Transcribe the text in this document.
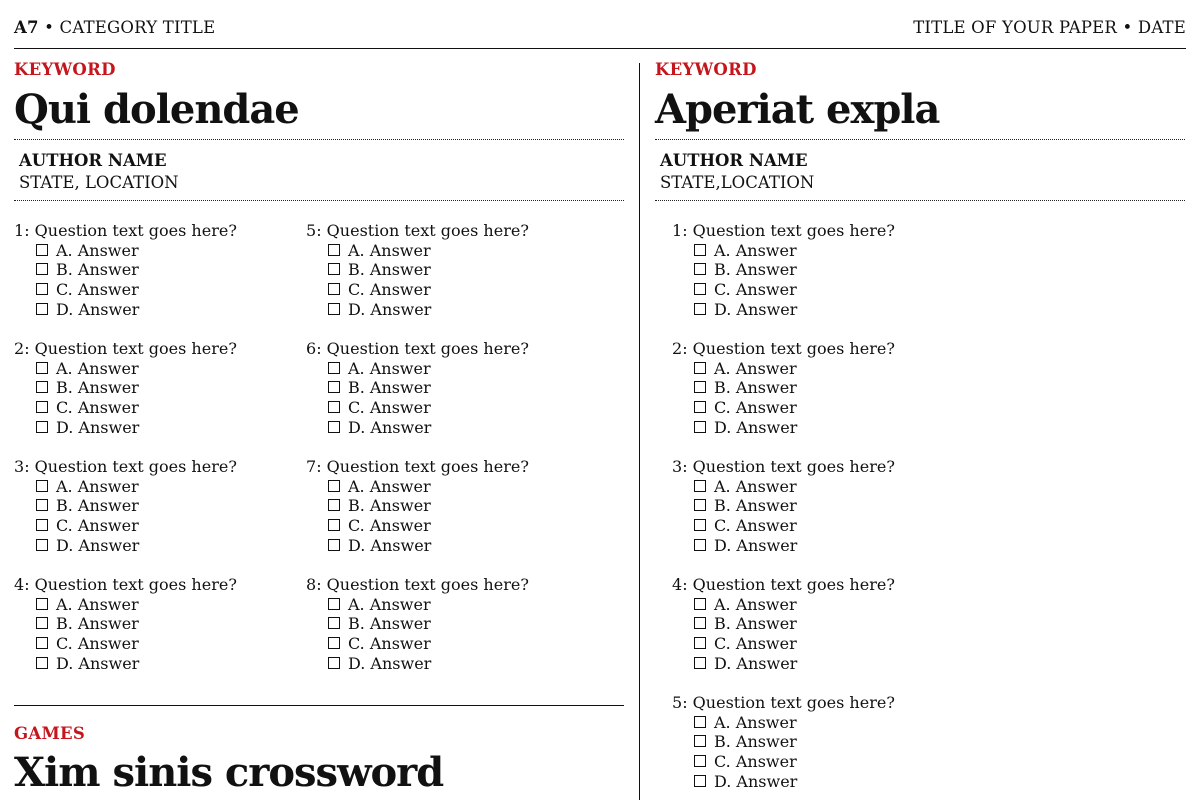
A7 • CATEGORY TITLE	TITLE OF YOUR PAPER • DATE
KEYWORD
Qui dolendae
AUTHOR NAME
STATE, LOCATION
1: Question text goes here?
A. Answer
B. Answer
C. Answer
D. Answer
2: Question text goes here?
A. Answer
B. Answer
C. Answer
D. Answer
3: Question text goes here?
A. Answer
B. Answer
C. Answer
D. Answer
4: Question text goes here?
A. Answer
B. Answer
C. Answer
D. Answer
5: Question text goes here?
A. Answer
B. Answer
C. Answer
D. Answer
6: Question text goes here?
A. Answer
B. Answer
C. Answer
D. Answer
7: Question text goes here?
A. Answer
B. Answer
C. Answer
D. Answer
8: Question text goes here?
A. Answer
B. Answer
C. Answer
D. Answer
GAMES
Xim sinis crossword
KEYWORD
Aperiat expla
AUTHOR NAME
STATE,LOCATION
1: Question text goes here?
A. Answer
B. Answer
C. Answer
D. Answer
2: Question text goes here?
A. Answer
B. Answer
C. Answer
D. Answer
3: Question text goes here?
A. Answer
B. Answer
C. Answer
D. Answer
4: Question text goes here?
A. Answer
B. Answer
C. Answer
D. Answer
5: Question text goes here?
A. Answer
B. Answer
C. Answer
D. Answer
